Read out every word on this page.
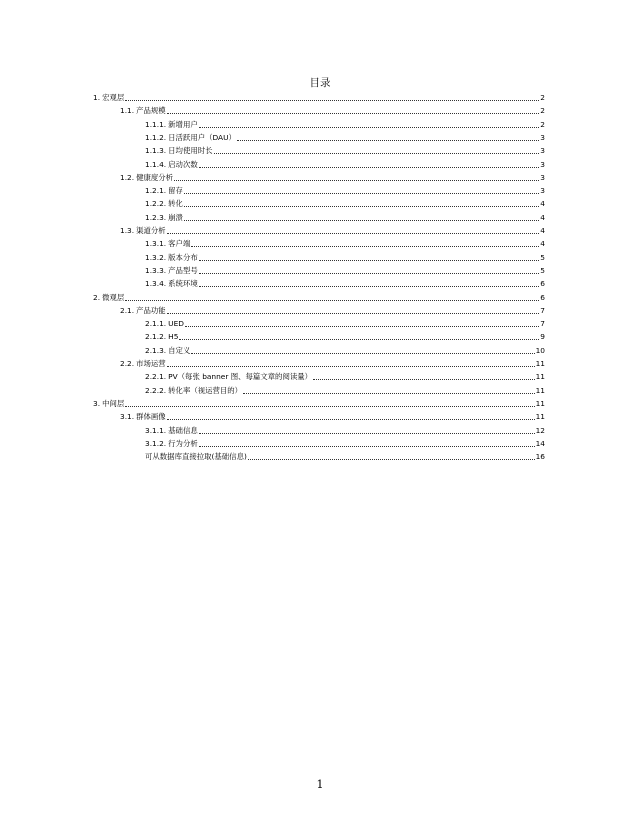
目录
1. 宏观层	2
1.1. 产品规模	2
1.1.1. 新增用户	2
1.1.2. 日活跃用户（DAU）	3
1.1.3. 日均使用时长	3
1.1.4. 启动次数	3
1.2. 健康度分析	3
1.2.1. 留存	3
1.2.2. 转化	4
1.2.3. 崩溃	4
1.3. 渠道分析	4
1.3.1. 客户端	4
1.3.2. 版本分布	5
1.3.3. 产品型号	5
1.3.4. 系统环境	6
2. 微观层	6
2.1. 产品功能	7
2.1.1. UED	7
2.1.2. H5	9
2.1.3. 自定义	10
2.2. 市场运营	11
2.2.1. PV（每张 banner 图、每篇文章的阅读量）	11
2.2.2. 转化率（视运营目的）	11
3. 中间层	11
3.1. 群体画像	11
3.1.1. 基础信息	12
3.1.2. 行为分析	14
可从数据库直接拉取(基础信息)	16
1
